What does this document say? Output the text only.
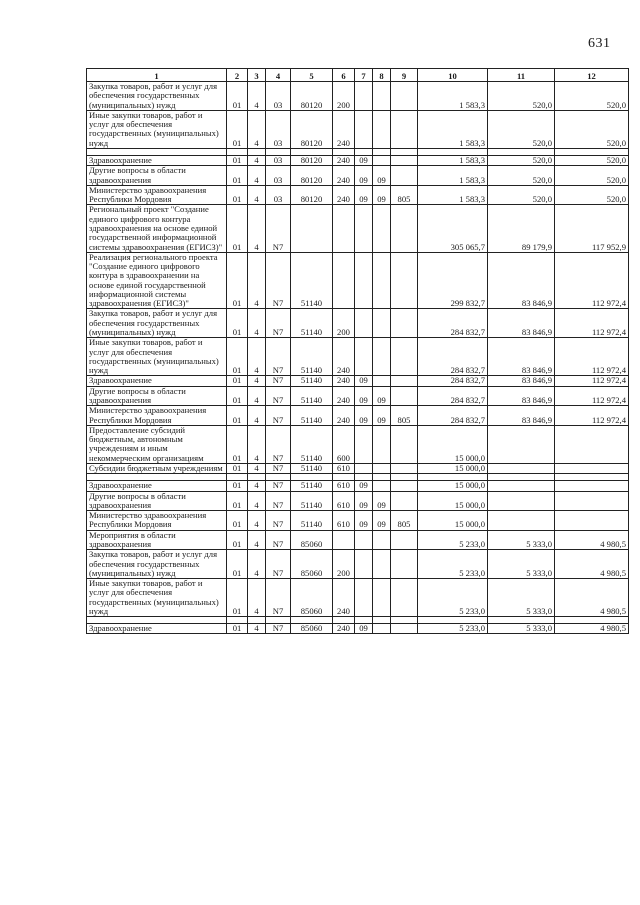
631
1	2	3	4	5	6	7	8	9	10	11	12
Закупка товаров, работ и услуг для обеспечения государственных (муниципальных) нужд	01	4	03	80120	200				1 583,3	520,0	520,0
Иные закупки товаров, работ и услуг для обеспечения государственных (муниципальных) нужд	01	4	03	80120	240				1 583,3	520,0	520,0

Здравоохранение	01	4	03	80120	240	09			1 583,3	520,0	520,0
Другие вопросы в области здравоохранения	01	4	03	80120	240	09	09		1 583,3	520,0	520,0
Министерство здравоохранения Республики Мордовия	01	4	03	80120	240	09	09	805	1 583,3	520,0	520,0
Региональный проект "Создание единого цифрового контура здравоохранения на основе единой государственной информационной системы здравоохранения (ЕГИСЗ)"	01	4	N7						305 065,7	89 179,9	117 952,9
Реализация регионального проекта "Создание единого цифрового контура в здравоохранении на основе единой государственной информационной системы здравоохранения (ЕГИСЗ)"	01	4	N7	51140					299 832,7	83 846,9	112 972,4
Закупка товаров, работ и услуг для обеспечения государственных (муниципальных) нужд	01	4	N7	51140	200				284 832,7	83 846,9	112 972,4
Иные закупки товаров, работ и услуг для обеспечения государственных (муниципальных) нужд	01	4	N7	51140	240				284 832,7	83 846,9	112 972,4
Здравоохранение	01	4	N7	51140	240	09			284 832,7	83 846,9	112 972,4
Другие вопросы в области здравоохранения	01	4	N7	51140	240	09	09		284 832,7	83 846,9	112 972,4
Министерство здравоохранения Республики Мордовия	01	4	N7	51140	240	09	09	805	284 832,7	83 846,9	112 972,4
Предоставление субсидий бюджетным, автономным учреждениям и иным некоммерческим организациям	01	4	N7	51140	600				15 000,0		
Субсидии бюджетным учреждениям	01	4	N7	51140	610				15 000,0		

Здравоохранение	01	4	N7	51140	610	09			15 000,0		
Другие вопросы в области здравоохранения	01	4	N7	51140	610	09	09		15 000,0		
Министерство здравоохранения Республики Мордовия	01	4	N7	51140	610	09	09	805	15 000,0		
Мероприятия в области здравоохранения	01	4	N7	85060					5 233,0	5 333,0	4 980,5
Закупка товаров, работ и услуг для обеспечения государственных (муниципальных) нужд	01	4	N7	85060	200				5 233,0	5 333,0	4 980,5
Иные закупки товаров, работ и услуг для обеспечения государственных (муниципальных) нужд	01	4	N7	85060	240				5 233,0	5 333,0	4 980,5

Здравоохранение	01	4	N7	85060	240	09			5 233,0	5 333,0	4 980,5
